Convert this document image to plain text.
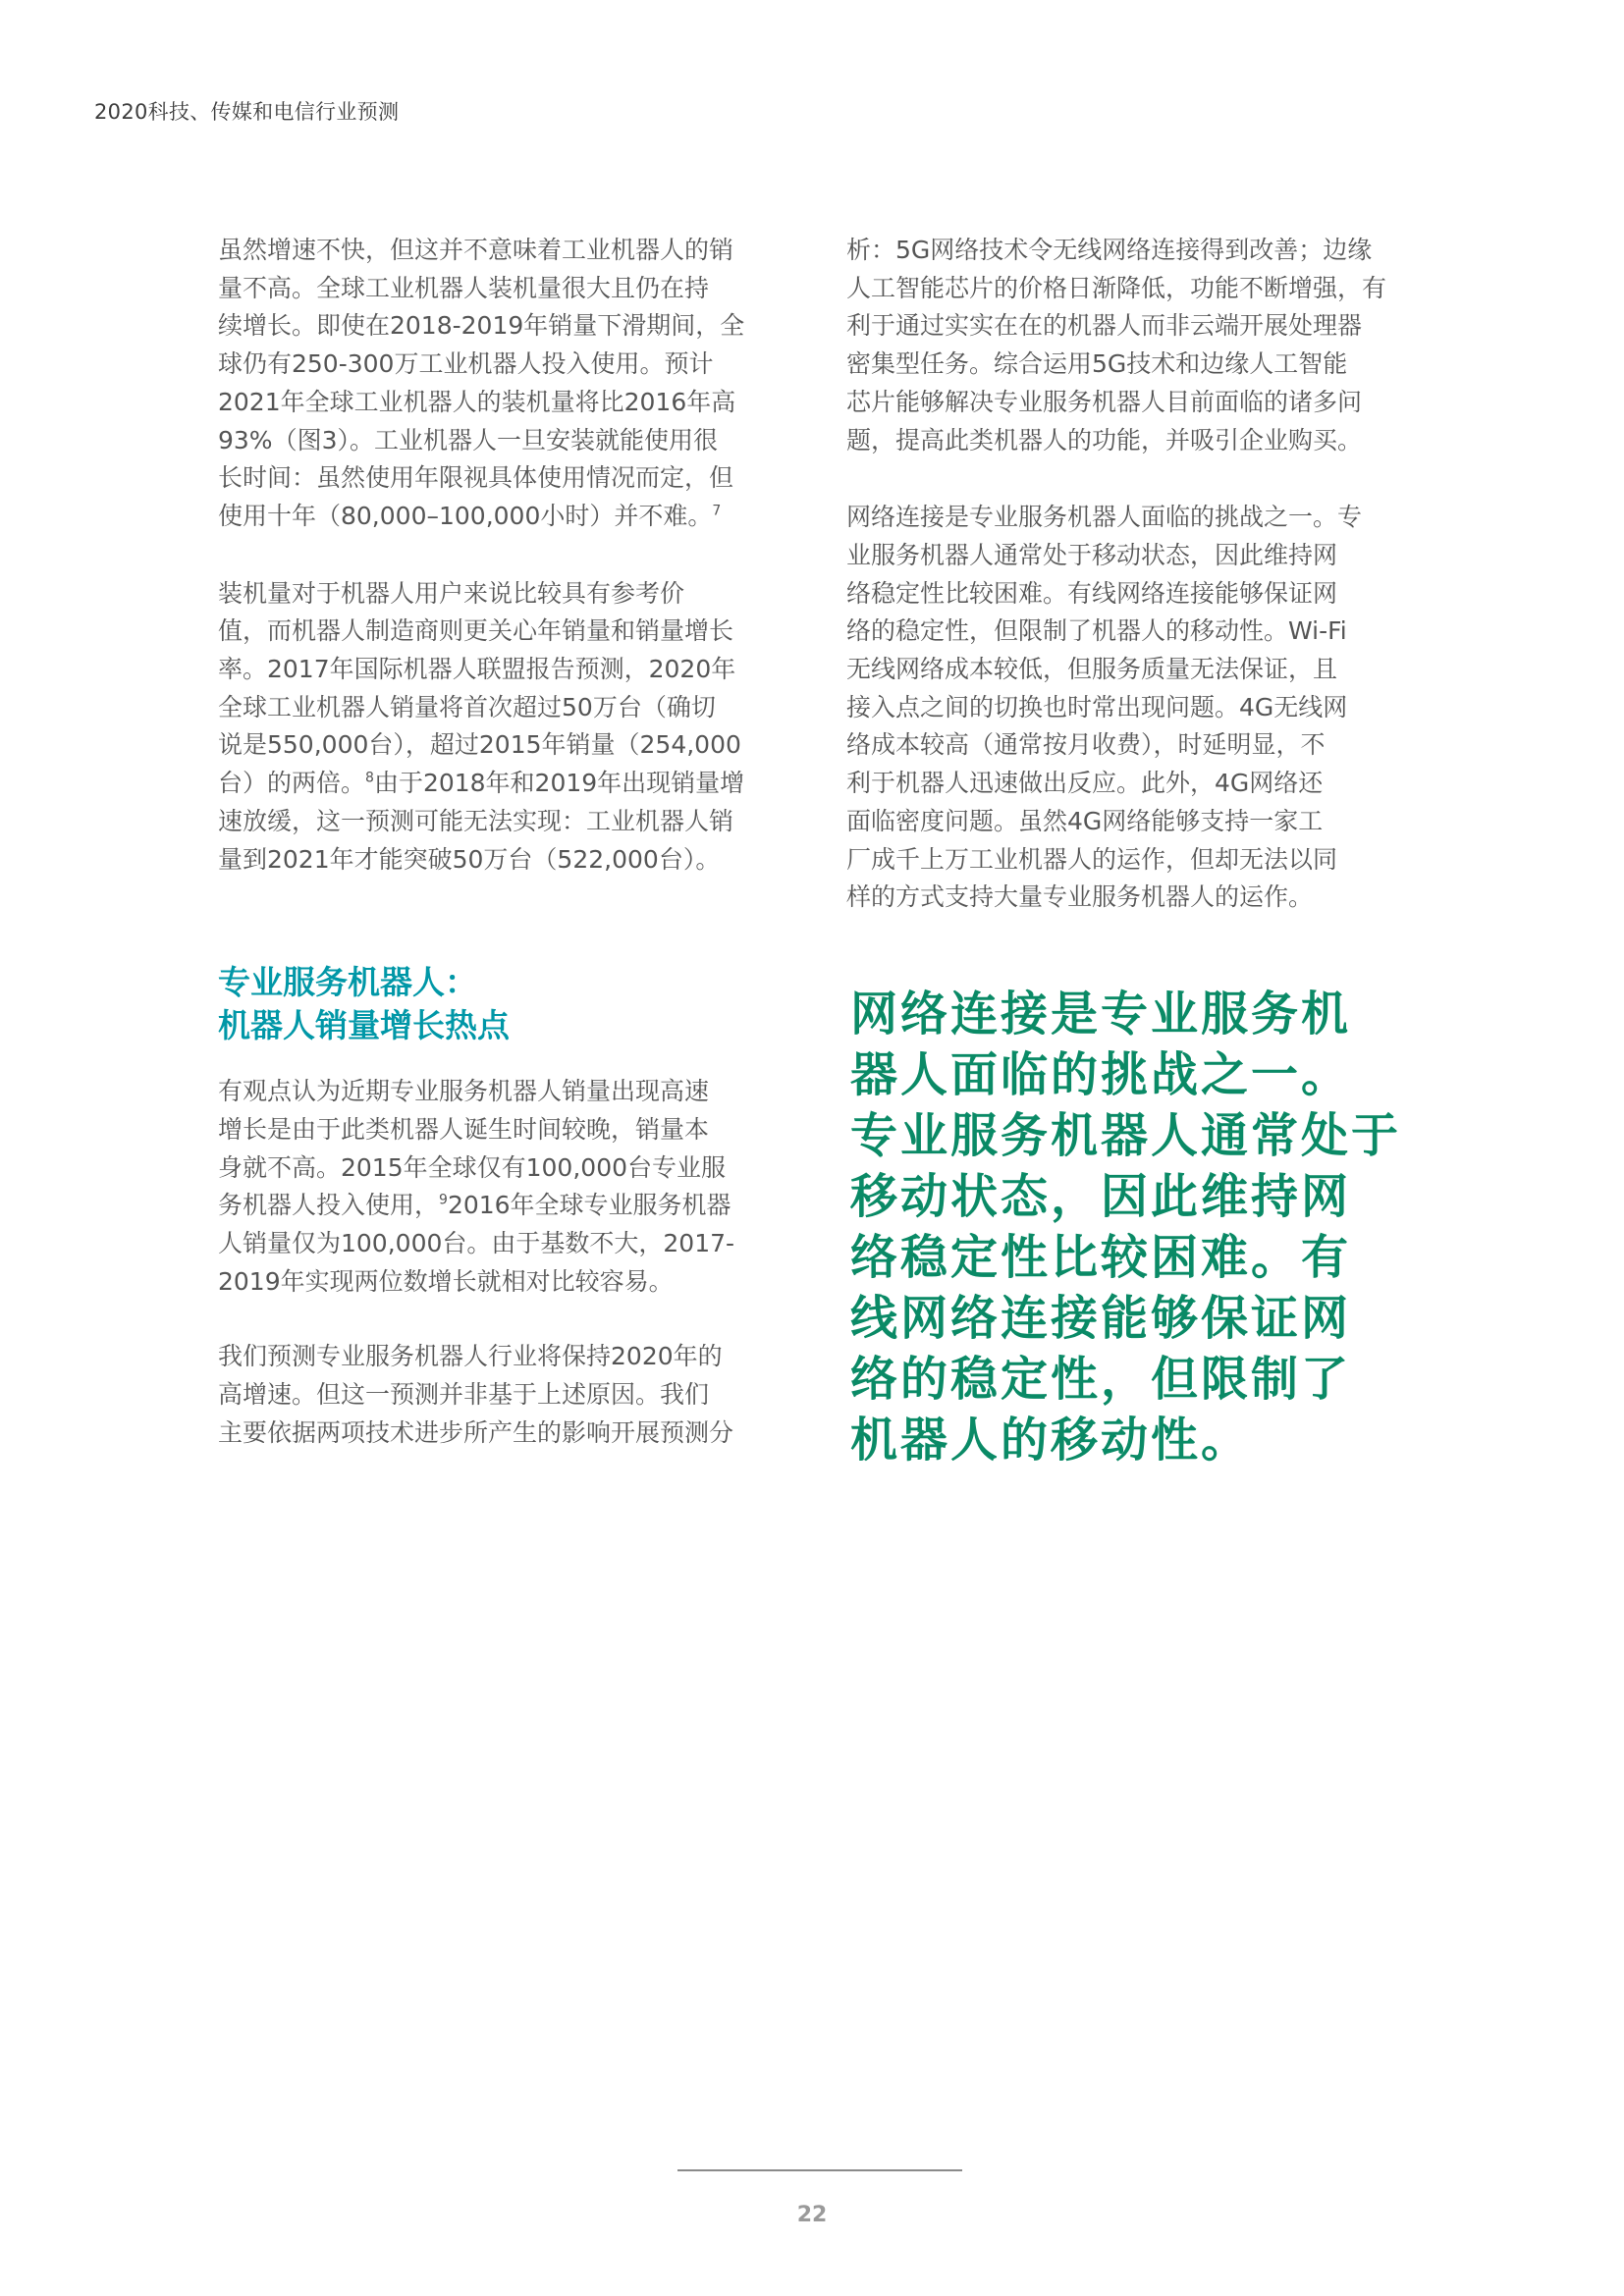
2020科技、传媒和电信行业预测

虽然增速不快，但这并不意味着工业机器人的销
量不高。全球工业机器人装机量很大且仍在持
续增长。即使在2018-2019年销量下滑期间，全
球仍有250-300万工业机器人投入使用。预计
2021年全球工业机器人的装机量将比2016年高
93%（图3）。工业机器人一旦安装就能使用很
长时间：虽然使用年限视具体使用情况而定，但
使用十年（80,000–100,000小时）并不难。$^7$

装机量对于机器人用户来说比较具有参考价
值，而机器人制造商则更关心年销量和销量增长
率。2017年国际机器人联盟报告预测，2020年
全球工业机器人销量将首次超过50万台（确切
说是550,000台），超过2015年销量（254,000
台）的两倍。$^8$由于2018年和2019年出现销量增
速放缓，这一预测可能无法实现：工业机器人销
量到2021年才能突破50万台（522,000台）。

专业服务机器人：
机器人销量增长热点

有观点认为近期专业服务机器人销量出现高速
增长是由于此类机器人诞生时间较晚，销量本
身就不高。2015年全球仅有100,000台专业服
务机器人投入使用，$^9$2016年全球专业服务机器
人销量仅为100,000台。由于基数不大，2017-
2019年实现两位数增长就相对比较容易。

我们预测专业服务机器人行业将保持2020年的
高增速。但这一预测并非基于上述原因。我们
主要依据两项技术进步所产生的影响开展预测分

析：5G网络技术令无线网络连接得到改善；边缘
人工智能芯片的价格日渐降低，功能不断增强，有
利于通过实实在在的机器人而非云端开展处理器
密集型任务。综合运用5G技术和边缘人工智能
芯片能够解决专业服务机器人目前面临的诸多问
题，提高此类机器人的功能，并吸引企业购买。

网络连接是专业服务机器人面临的挑战之一。专
业服务机器人通常处于移动状态，因此维持网
络稳定性比较困难。有线网络连接能够保证网
络的稳定性，但限制了机器人的移动性。Wi-Fi
无线网络成本较低，但服务质量无法保证，且
接入点之间的切换也时常出现问题。4G无线网
络成本较高（通常按月收费），时延明显，不
利于机器人迅速做出反应。此外，4G网络还
面临密度问题。虽然4G网络能够支持一家工
厂成千上万工业机器人的运作，但却无法以同
样的方式支持大量专业服务机器人的运作。

网络连接是专业服务机
器人面临的挑战之一。
专业服务机器人通常处于
移动状态，因此维持网
络稳定性比较困难。有
线网络连接能够保证网
络的稳定性，但限制了
机器人的移动性。

22
